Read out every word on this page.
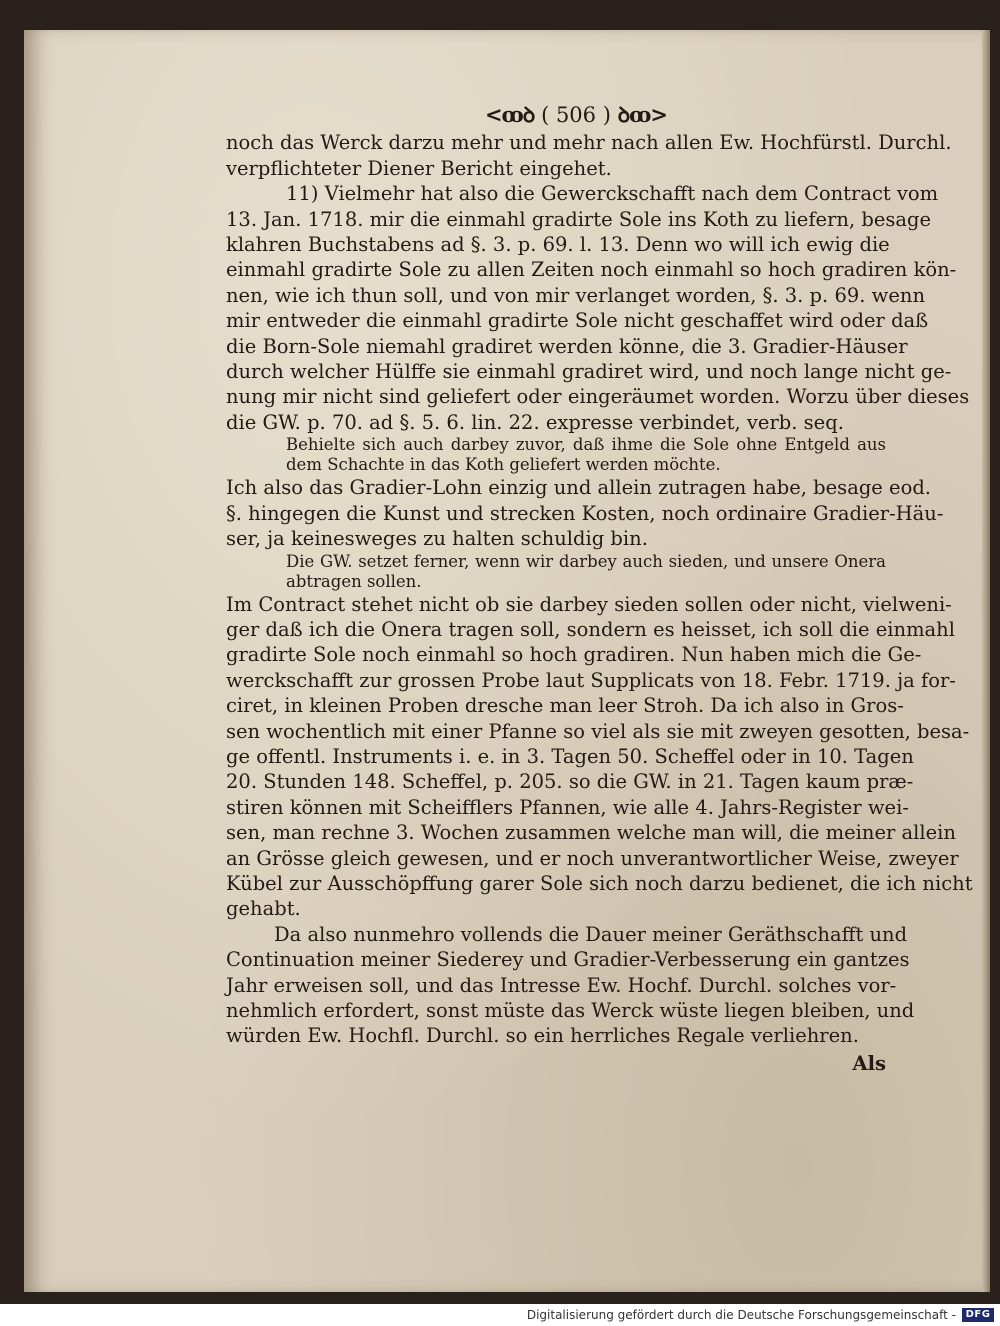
<ꝏꝺ ( 506 ) ꝺꝏ>
noch das Werck darzu mehr und mehr nach allen Ew. Hochfürstl. Durchl.
verpflichteter Diener Bericht eingehet.
11) Vielmehr hat also die Gewerckschafft nach dem Contract vom
13. Jan. 1718. mir die einmahl gradirte Sole ins Koth zu liefern, besage
klahren Buchstabens ad §. 3. p. 69. l. 13. Denn wo will ich ewig die
einmahl gradirte Sole zu allen Zeiten noch einmahl so hoch gradiren kön-
nen, wie ich thun soll, und von mir verlanget worden, §. 3. p. 69. wenn
mir entweder die einmahl gradirte Sole nicht geschaffet wird oder daß
die Born-Sole niemahl gradiret werden könne, die 3. Gradier-Häuser
durch welcher Hülffe sie einmahl gradiret wird, und noch lange nicht ge-
nung mir nicht sind geliefert oder eingeräumet worden. Worzu über dieses
die GW. p. 70. ad §. 5. 6. lin. 22. expresse verbindet, verb. seq.
Behielte sich auch darbey zuvor, daß ihme die Sole ohne Entgeld aus
dem Schachte in das Koth geliefert werden möchte.
Ich also das Gradier-Lohn einzig und allein zutragen habe, besage eod.
§. hingegen die Kunst und strecken Kosten, noch ordinaire Gradier-Häu-
ser, ja keinesweges zu halten schuldig bin.
Die GW. setzet ferner, wenn wir darbey auch sieden, und unsere Onera
abtragen sollen.
Im Contract stehet nicht ob sie darbey sieden sollen oder nicht, vielweni-
ger daß ich die Onera tragen soll, sondern es heisset, ich soll die einmahl
gradirte Sole noch einmahl so hoch gradiren. Nun haben mich die Ge-
werckschafft zur grossen Probe laut Supplicats von 18. Febr. 1719. ja for-
ciret, in kleinen Proben dresche man leer Stroh. Da ich also in Gros-
sen wochentlich mit einer Pfanne so viel als sie mit zweyen gesotten, besa-
ge offentl. Instruments i. e. in 3. Tagen 50. Scheffel oder in 10. Tagen
20. Stunden 148. Scheffel, p. 205. so die GW. in 21. Tagen kaum præ-
stiren können mit Scheifflers Pfannen, wie alle 4. Jahrs-Register wei-
sen, man rechne 3. Wochen zusammen welche man will, die meiner allein
an Grösse gleich gewesen, und er noch unverantwortlicher Weise, zweyer
Kübel zur Ausschöpffung garer Sole sich noch darzu bedienet, die ich nicht
gehabt.
Da also nunmehro vollends die Dauer meiner Geräthschafft und
Continuation meiner Siederey und Gradier-Verbesserung ein gantzes
Jahr erweisen soll, und das Intresse Ew. Hochf. Durchl. solches vor-
nehmlich erfordert, sonst müste das Werck wüste liegen bleiben, und
würden Ew. Hochfl. Durchl. so ein herrliches Regale verliehren.
Als
Digitalisierung gefördert durch die Deutsche Forschungsgemeinschaft - DFG
